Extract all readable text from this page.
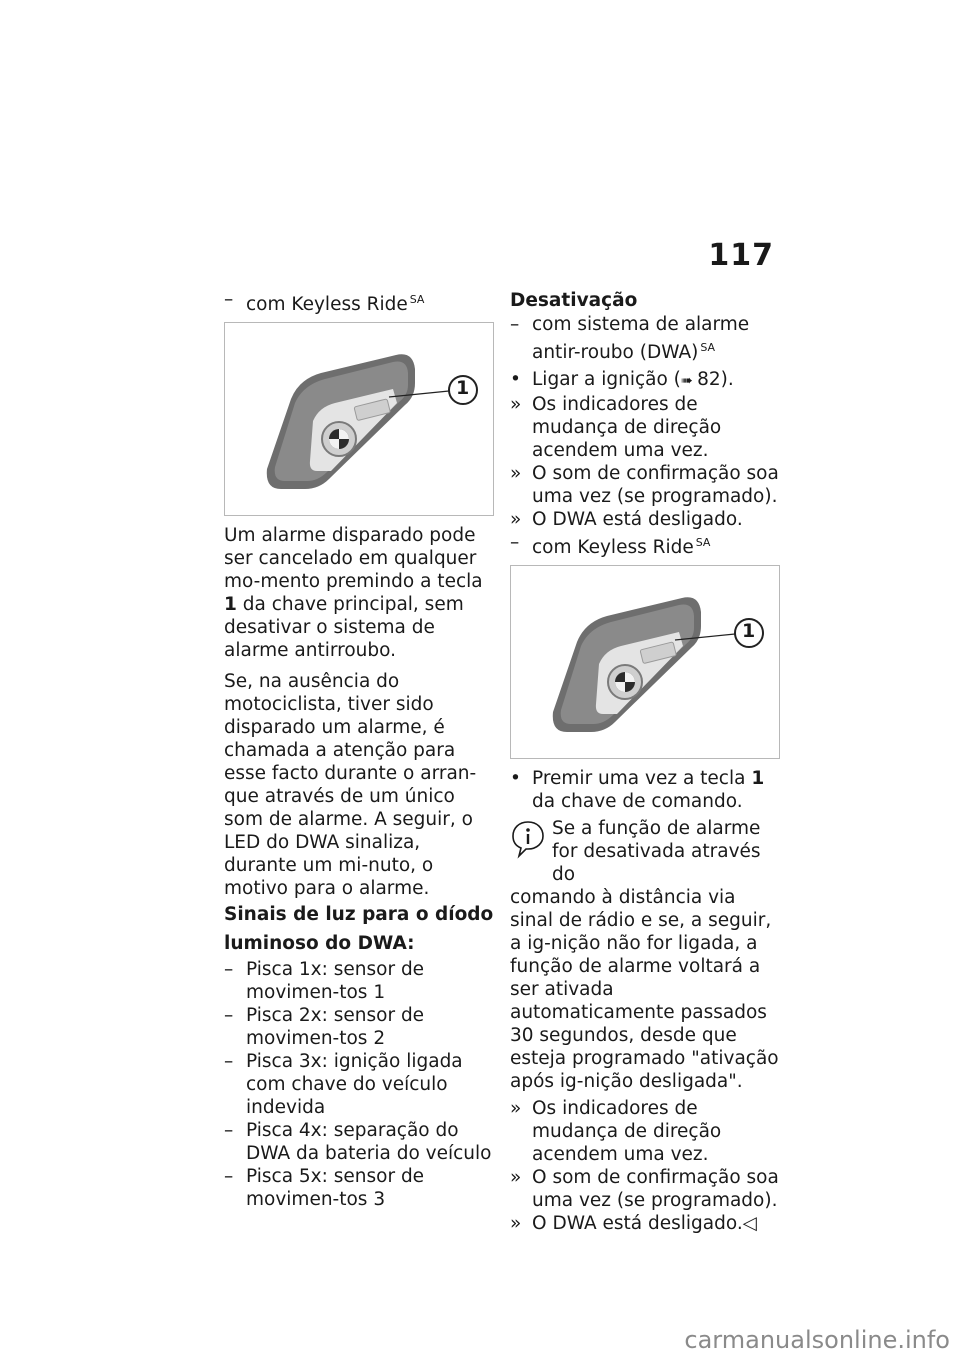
117
– com Keyless Ride $^{SA}$
1

Um alarme disparado pode ser cancelado em qualquer mo-mento premindo a tecla 1 da chave principal, sem desativar o sistema de alarme antirroubo.

Se, na ausência do motociclista, tiver sido disparado um alarme, é chamada a atenção para esse facto durante o arran-que através de um único som de alarme. A seguir, o LED do DWA sinaliza, durante um mi-nuto, o motivo para o alarme.

Sinais de luz para o díodo luminoso do DWA:
– Pisca 1x: sensor de movimen-tos 1
– Pisca 2x: sensor de movimen-tos 2
– Pisca 3x: ignição ligada com chave do veículo indevida
– Pisca 4x: separação do DWA da bateria do veículo
– Pisca 5x: sensor de movimen-tos 3
Desativação
– com sistema de alarme antir-roubo (DWA) $^{SA}$
• Ligar a ignição (➠ 82).
» Os indicadores de mudança de direção acendem uma vez.
» O som de confirmação soa uma vez (se programado).
» O DWA está desligado.
– com Keyless Ride $^{SA}$
1
• Premir uma vez a tecla 1 da chave de comando.
Se a função de alarme for desativada através do
comando à distância via sinal de rádio e se, a seguir, a ig-nição não for ligada, a função de alarme voltará a ser ativada automaticamente passados 30 segundos, desde que esteja programado "ativação após ig-nição desligada".
» Os indicadores de mudança de direção acendem uma vez.
» O som de confirmação soa uma vez (se programado).
» O DWA está desligado.◁
carmanualsonline.info
